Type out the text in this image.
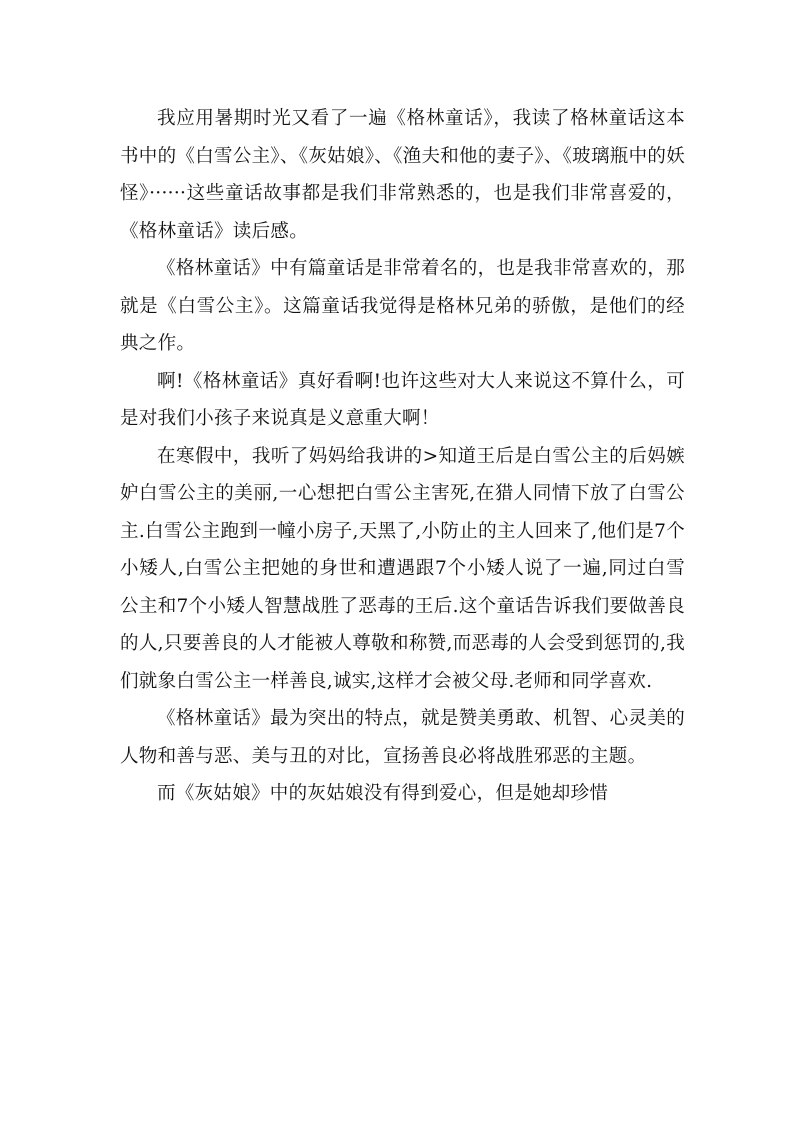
我应用暑期时光又看了一遍《格林童话》，我读了格林童话这本书中的《白雪公主》、《灰姑娘》、《渔夫和他的妻子》、《玻璃瓶中的妖怪》······这些童话故事都是我们非常熟悉的，也是我们非常喜爱的，《格林童话》读后感。

《格林童话》中有篇童话是非常着名的，也是我非常喜欢的，那就是《白雪公主》。这篇童话我觉得是格林兄弟的骄傲，是他们的经典之作。

啊!《格林童话》真好看啊!也许这些对大人来说这不算什么，可是对我们小孩子来说真是义意重大啊！

在寒假中，我听了妈妈给我讲的>知道王后是白雪公主的后妈嫉妒白雪公主的美丽,一心想把白雪公主害死,在猎人同情下放了白雪公主.白雪公主跑到一幢小房子,天黑了,小防止的主人回来了,他们是7个小矮人,白雪公主把她的身世和遭遇跟7个小矮人说了一遍,同过白雪公主和7个小矮人智慧战胜了恶毒的王后.这个童话告诉我们要做善良的人,只要善良的人才能被人尊敬和称赞,而恶毒的人会受到惩罚的,我们就象白雪公主一样善良,诚实,这样才会被父母.老师和同学喜欢.

《格林童话》最为突出的特点，就是赞美勇敢、机智、心灵美的人物和善与恶、美与丑的对比，宣扬善良必将战胜邪恶的主题。

而《灰姑娘》中的灰姑娘没有得到爱心，但是她却珍惜
